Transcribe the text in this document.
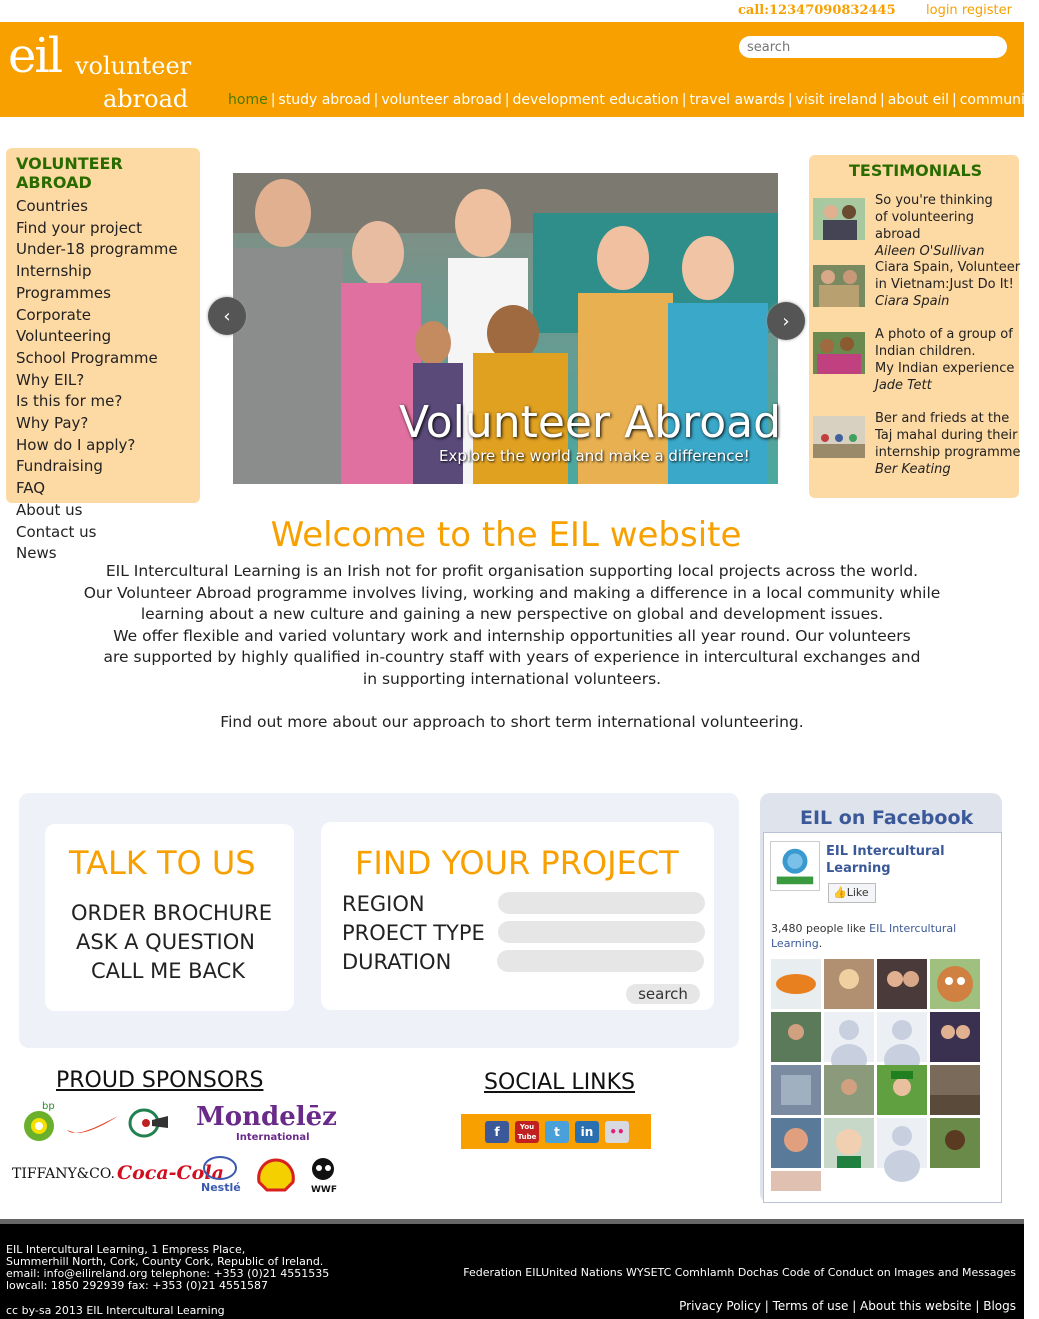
call:12347090832445 login register
eil volunteer
abroad
search	home | study abroad | volunteer abroad | development education | travel awards | visit ireland | about eil | community
VOLUNTEER ABROAD
Countries
Find your project
Under-18 programme
Internship Programmes
Corporate Volunteering
School Programme
Why EIL?
Is this for me?
Why Pay?
How do I apply?
Fundraising
FAQ
About us
Contact us
News
Volunteer Abroad
Explore the world and make a difference!
‹	›
TESTIMONIALS
So you're thinking
of volunteering abroad
Aileen O'Sullivan
Ciara Spain, Volunteer
in Vietnam:Just Do It!
Ciara Spain
A photo of a group of
Indian children.
My Indian experience
Jade Tett
Ber and frieds at the
Taj mahal during their
internship programme
Ber Keating
Welcome to the EIL website

EIL Intercultural Learning is an Irish not for profit organisation supporting local projects across the world.

Our Volunteer Abroad programme involves living, working and making a difference in a local community while

learning about a new culture and gaining a new perspective on global and development issues.

We offer flexible and varied voluntary work and internship opportunities all year round. Our volunteers

are supported by highly qualified in-country staff with years of experience in intercultural exchanges and

in supporting international volunteers.

Find out more about our approach to short term international volunteering.
TALK TO US
ORDER BROCHURE
ASK A QUESTION
CALL ME BACK
FIND YOUR PROJECT
REGION
PROECT TYPE
DURATION
search
EIL on Facebook
EIL Intercultural Learning
👍Like
3,480 people like EIL Intercultural Learning.
PROUD SPONSORS
bp	Mondelēz
International
TIFFANY&CO. Coca-Cola
Nestlé	WWF
SOCIAL LINKS
f	You Tube	t	in	••
EIL Intercultural Learning, 1 Empress Place,
Summerhill North, Cork, County Cork, Republic of Ireland.
email: info@eilireland.org telephone: +353 (0)21 4551535
lowcall: 1850 292939 fax: +353 (0)21 4551587
cc by-sa 2013 EIL Intercultural Learning
Federation EILUnited Nations WYSETC Comhlamh Dochas Code of Conduct on Images and Messages
Privacy Policy | Terms of use | About this website | Blogs
